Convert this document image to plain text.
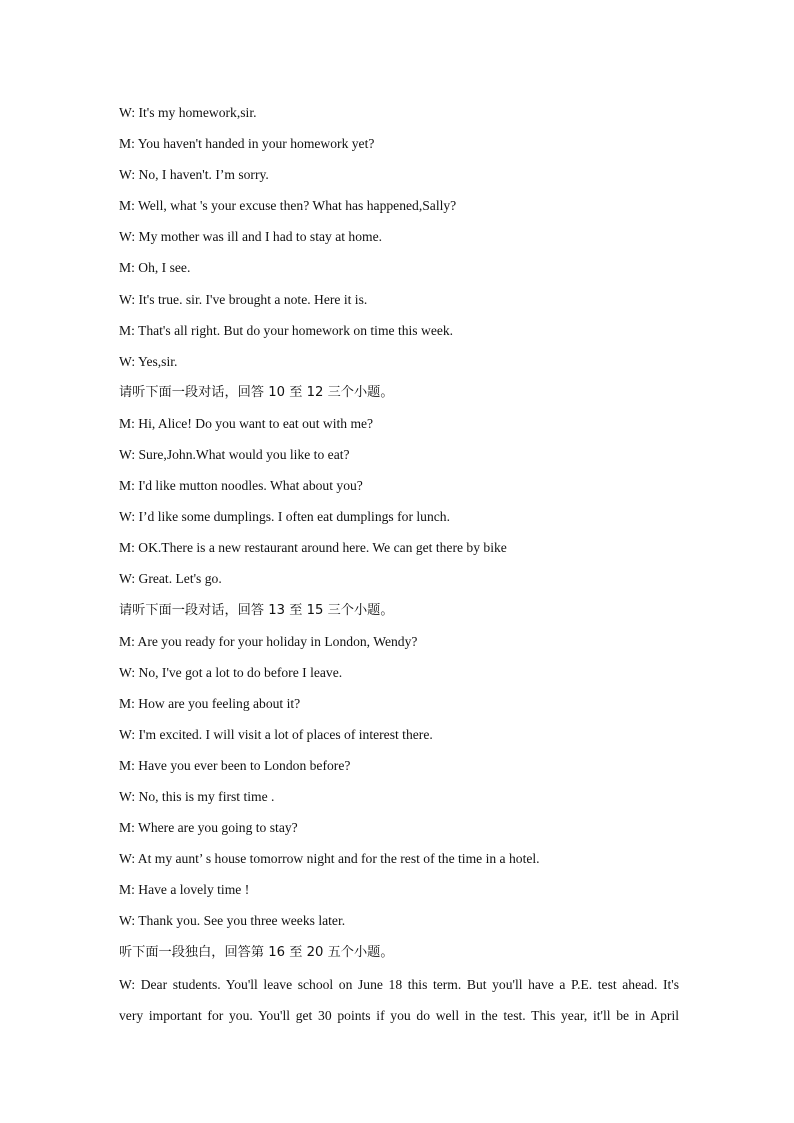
W: It's my homework,sir.
M: You haven't handed in your homework yet?
W: No, I haven't. I’m sorry.
M: Well, what 's your excuse then? What has happened,Sally?
W: My mother was ill and I had to stay at home.
M: Oh, I see.
W: It's true. sir. I've brought a note. Here it is.
M: That's all right. But do your homework on time this week.
W: Yes,sir.
请听下面一段对话，回答 10 至 12 三个小题。
M: Hi, Alice! Do you want to eat out with me?
W: Sure,John.What would you like to eat?
M: I'd like mutton noodles. What about you?
W: I’d like some dumplings. I often eat dumplings for lunch.
M: OK.There is a new restaurant around here. We can get there by bike
W: Great. Let's go.
请听下面一段对话，回答 13 至 15 三个小题。
M: Are you ready for your holiday in London, Wendy?
W: No, I've got a lot to do before I leave.
M: How are you feeling about it?
W: I'm excited. I will visit a lot of places of interest there.
M: Have you ever been to London before?
W: No, this is my first time .
M: Where are you going to stay?
W: At my aunt’ s house tomorrow night and for the rest of the time in a hotel.
M: Have a lovely time !
W: Thank you. See you three weeks later.
听下面一段独白，回答第 16 至 20 五个小题。
W: Dear students. You'll leave school on June 18 this term. But you'll have a P.E. test ahead. It's
very important for you. You'll get 30 points if you do well in the test. This year, it'll be in April
